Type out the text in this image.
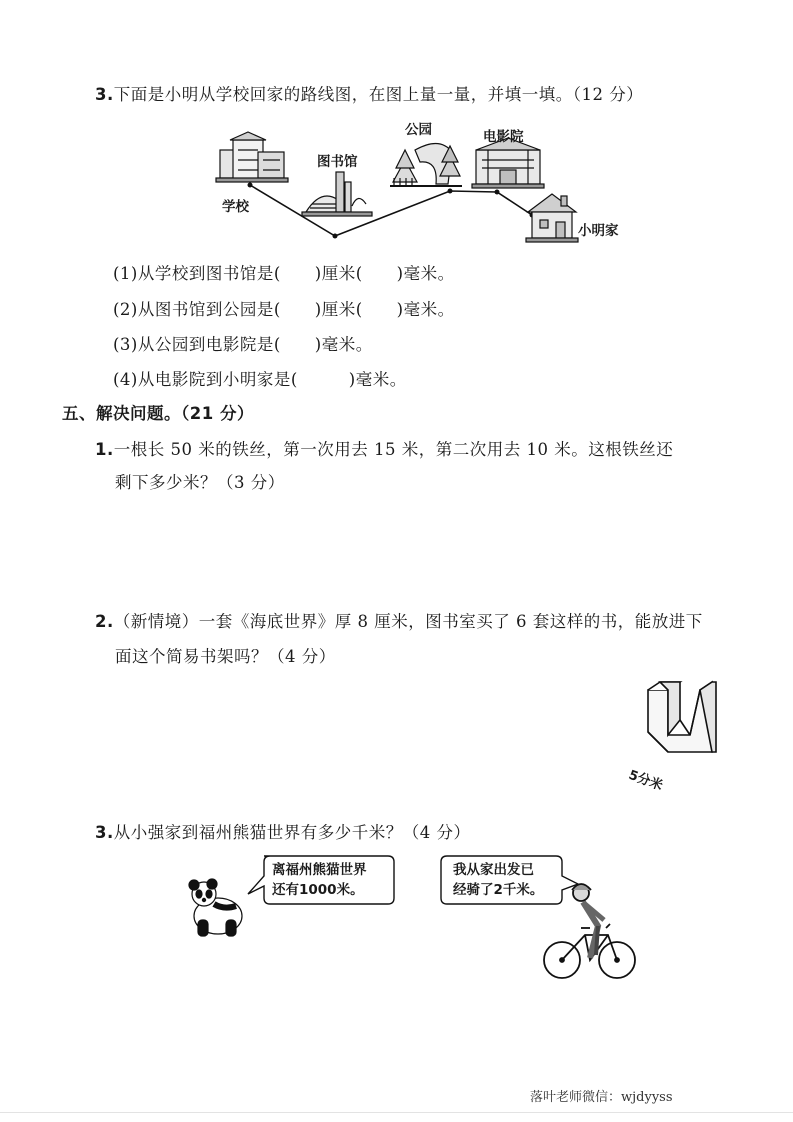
3.下面是小明从学校回家的路线图，在图上量一量，并填一填。（12 分）
学校
图书馆
公园	电影院
小明家
(1)从学校到图书馆是(　　)厘米(　　)毫米。
(2)从图书馆到公园是(　　)厘米(　　)毫米。
(3)从公园到电影院是(　　)毫米。
(4)从电影院到小明家是(　　　)毫米。
五、解决问题。（21 分）
1.一根长 50 米的铁丝，第一次用去 15 米，第二次用去 10 米。这根铁丝还
剩下多少米？（3 分）
2.（新情境）一套《海底世界》厚 8 厘米，图书室买了 6 套这样的书，能放进下
面这个简易书架吗？（4 分）
5分米
3.从小强家到福州熊猫世界有多少千米？（4 分）
离福州熊猫世界
还有1000米。
我从家出发已
经骑了2千米。
落叶老师微信：wjdyyss
